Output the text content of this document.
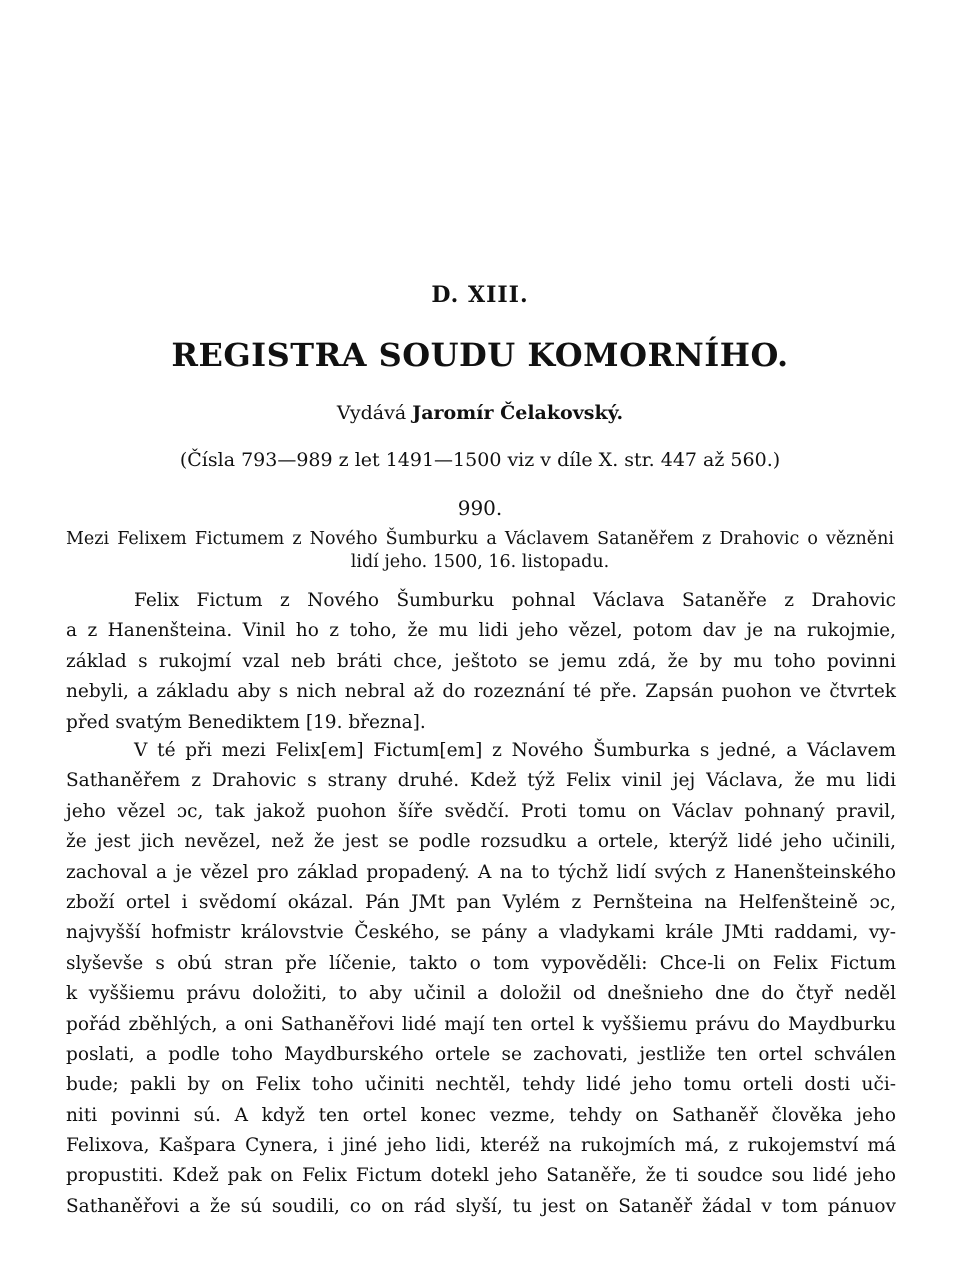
D. XIII.
REGISTRA SOUDU KOMORNÍHO.
Vydává Jaromír Čelakovský.
(Čísla 793—989 z let 1491—1500 viz v díle X. str. 447 až 560.)
990.
Mezi Felixem Fictumem z Nového Šumburku a Václavem Sataněřem z Drahovic o vězněni
lidí jeho. 1500, 16. listopadu.
Felix Fictum z Nového Šumburku pohnal Václava Sataněře z Drahovic
a z Hanenšteina. Vinil ho z toho, že mu lidi jeho vězel, potom dav je na rukojmie,
základ s rukojmí vzal neb bráti chce, ještoto se jemu zdá, že by mu toho povinni
nebyli, a základu aby s nich nebral až do rozeznání té pře. Zapsán puohon ve čtvrtek
před svatým Benediktem [19. března].
V té při mezi Felix[em] Fictum[em] z Nového Šumburka s jedné, a Václavem
Sathaněřem z Drahovic s strany druhé. Kdež týž Felix vinil jej Václava, že mu lidi
jeho vězel ɔc, tak jakož puohon šíře svědčí. Proti tomu on Václav pohnaný pravil,
že jest jich nevězel, než že jest se podle rozsudku a ortele, kterýž lidé jeho učinili,
zachoval a je vězel pro základ propadený. A na to týchž lidí svých z Hanenšteinského
zboží ortel i svědomí okázal. Pán JMt pan Vylém z Pernšteina na Helfenšteině ɔc,
najvyšší hofmistr královstvie Českého, se pány a vladykami krále JMti raddami, vy-
slyševše s obú stran pře líčenie, takto o tom vypověděli: Chce-li on Felix Fictum
k vyššiemu právu doložiti, to aby učinil a doložil od dnešnieho dne do čtyř neděl
pořád zběhlých, a oni Sathaněřovi lidé mají ten ortel k vyššiemu právu do Maydburku
poslati, a podle toho Maydburského ortele se zachovati, jestliže ten ortel schválen
bude; pakli by on Felix toho učiniti nechtěl, tehdy lidé jeho tomu orteli dosti uči-
niti povinni sú. A když ten ortel konec vezme, tehdy on Sathaněř člověka jeho
Felixova, Kašpara Cynera, i jiné jeho lidi, kteréž na rukojmích má, z rukojemství má
propustiti. Kdež pak on Felix Fictum dotekl jeho Sataněře, že ti soudce sou lidé jeho
Sathaněřovi a že sú soudili, co on rád slyší, tu jest on Sataněř žádal v tom pánuov
